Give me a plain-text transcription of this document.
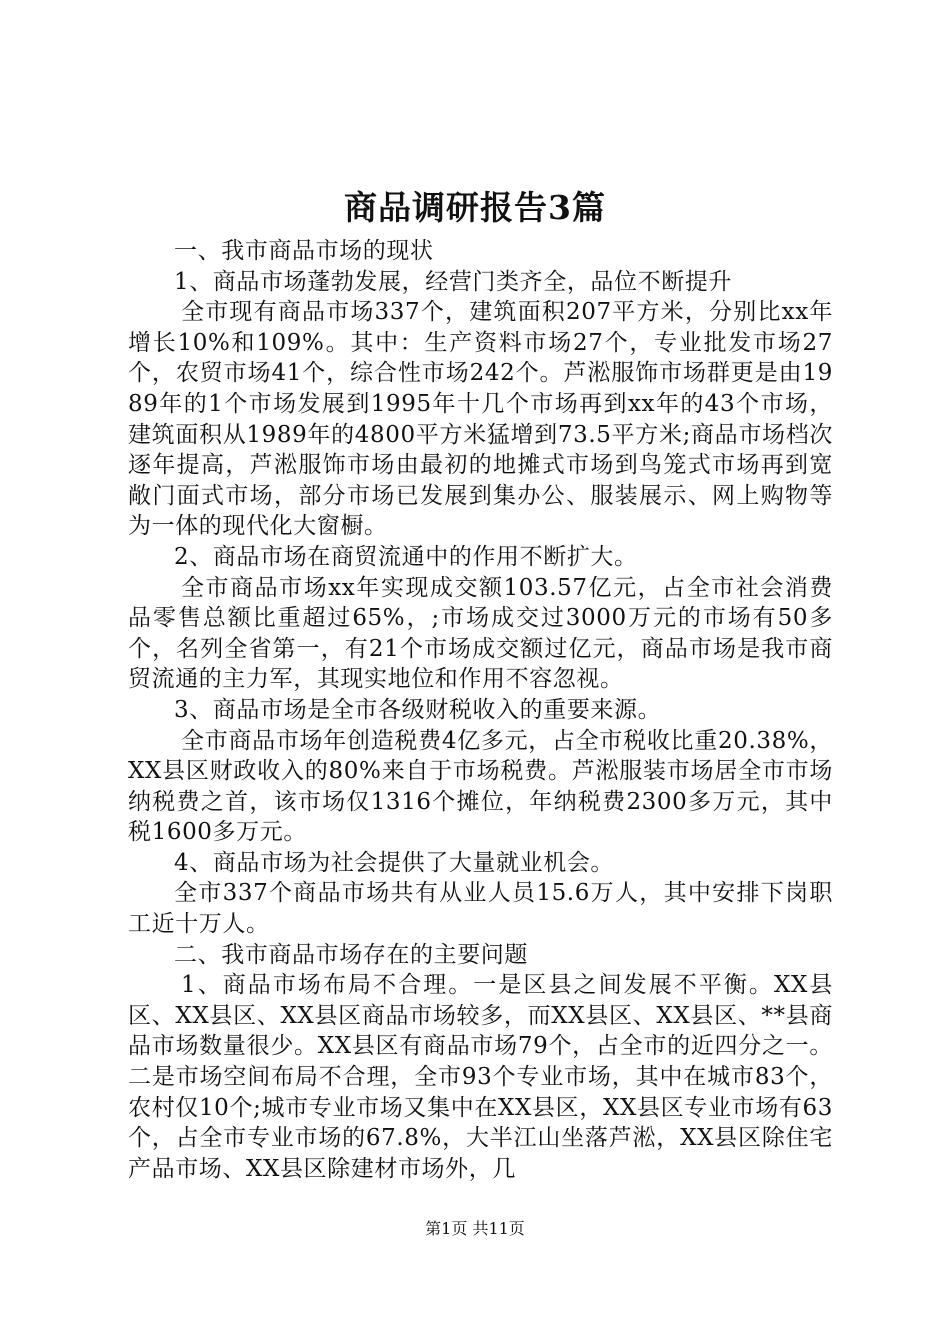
商品调研报告3篇

一、我市商品市场的现状

1、商品市场蓬勃发展，经营门类齐全，品位不断提升

全市现有商品市场337个，建筑面积207平方米，分别比xx年增长10%和109%。其中：生产资料市场27个，专业批发市场27个，农贸市场41个，综合性市场242个。芦淞服饰市场群更是由1989年的1个市场发展到1995年十几个市场再到xx年的43个市场，建筑面积从1989年的4800平方米猛增到73.5平方米;商品市场档次逐年提高，芦淞服饰市场由最初的地摊式市场到鸟笼式市场再到宽敞门面式市场，部分市场已发展到集办公、服装展示、网上购物等为一体的现代化大窗橱。

2、商品市场在商贸流通中的作用不断扩大。

全市商品市场xx年实现成交额103.57亿元，占全市社会消费品零售总额比重超过65%，;市场成交过3000万元的市场有50多个，名列全省第一，有21个市场成交额过亿元，商品市场是我市商贸流通的主力军，其现实地位和作用不容忽视。

3、商品市场是全市各级财税收入的重要来源。

全市商品市场年创造税费4亿多元，占全市税收比重20.38%，XX县区财政收入的80%来自于市场税费。芦淞服装市场居全市市场纳税费之首，该市场仅1316个摊位，年纳税费2300多万元，其中税1600多万元。

4、商品市场为社会提供了大量就业机会。

全市337个商品市场共有从业人员15.6万人，其中安排下岗职工近十万人。

二、我市商品市场存在的主要问题

1、商品市场布局不合理。一是区县之间发展不平衡。XX县区、XX县区、XX县区商品市场较多，而XX县区、XX县区、**县商品市场数量很少。XX县区有商品市场79个，占全市的近四分之一。二是市场空间布局不合理，全市93个专业市场，其中在城市83个，农村仅10个;城市专业市场又集中在XX县区，XX县区专业市场有63个，占全市专业市场的67.8%，大半江山坐落芦淞，XX县区除住宅产品市场、XX县区除建材市场外，几

第1页 共11页
